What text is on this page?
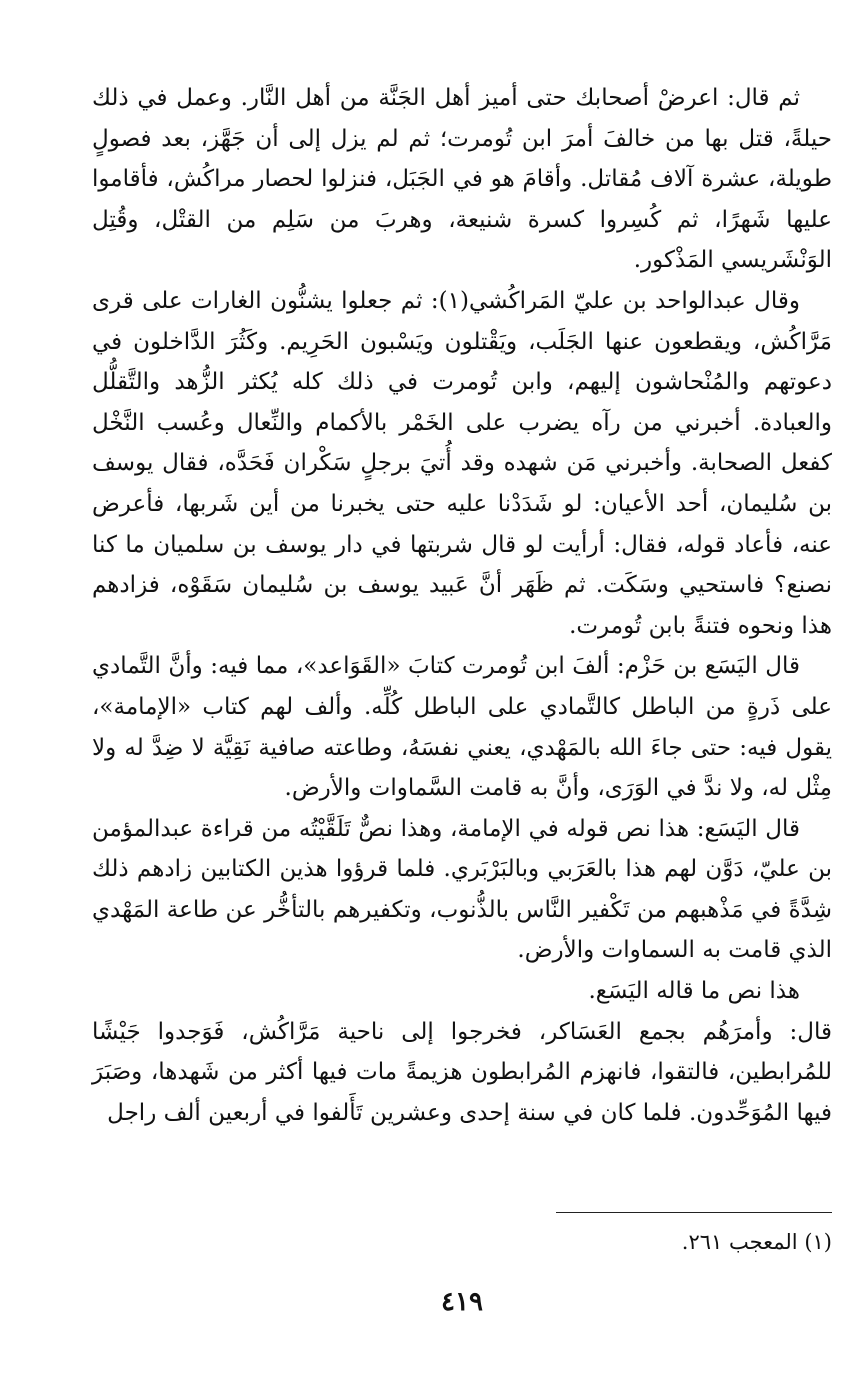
ثم قال: اعرضْ أصحابك حتى أميز أهل الجَنَّة من أهل النَّار. وعمل في ذلك حيلةً، قتل بها من خالفَ أمرَ ابن تُومرت؛ ثم لم يزل إلى أن جَهَّز، بعد فصولٍ طويلة، عشرة آلاف مُقاتل. وأقامَ هو في الجَبَل، فنزلوا لحصار مراكُش، فأقاموا عليها شَهرًا، ثم كُسِروا كسرة شنيعة، وهربَ من سَلِم من القتْل، وقُتِل الوَنْشَريسي المَذْكور.

وقال عبدالواحد بن عليّ المَراكُشي(١): ثم جعلوا يشنُّون الغارات على قرى مَرَّاكُش، ويقطعون عنها الجَلَب، ويَقْتلون ويَسْبون الحَرِيم. وكَثُرَ الدَّاخلون في دعوتهم والمُنْحاشون إليهم، وابن تُومرت في ذلك كله يُكثر الزُّهد والتَّقلُّل والعبادة. أخبرني من رآه يضرب على الخَمْر بالأكمام والنِّعال وعُسب النَّخْل كفعل الصحابة. وأخبرني مَن شهده وقد أُتيَ برجلٍ سَكْران فَحَدَّه، فقال يوسف بن سُليمان، أحد الأعيان: لو شَدَدْنا عليه حتى يخبرنا من أين شَربها، فأعرض عنه، فأعاد قوله، فقال: أرأيت لو قال شربتها في دار يوسف بن سلميان ما كنا نصنع؟ فاستحيي وسَكَت. ثم ظَهَر أنَّ عَبيد يوسف بن سُليمان سَقَوْه، فزادهم هذا ونحوه فتنةً بابن تُومرت.

قال اليَسَع بن حَزْم: ألفَ ابن تُومرت كتابَ «القَوَاعد»، مما فيه: وأنَّ التَّمادي على ذَرةٍ من الباطل كالتَّمادي على الباطل كُلِّه. وألف لهم كتاب «الإمامة»، يقول فيه: حتى جاءَ الله بالمَهْدي، يعني نفسَهُ، وطاعته صافية نَقِيَّة لا ضِدَّ له ولا مِثْل له، ولا ندَّ في الوَرَى، وأنَّ به قامت السَّماوات والأرض.

قال اليَسَع: هذا نص قوله في الإمامة، وهذا نصٌّ تَلَقَّيْتُه من قراءة عبدالمؤمن بن عليّ، دَوَّن لهم هذا بالعَرَبي وبالبَرْبَري. فلما قرؤوا هذين الكتابين زادهم ذلك شِدَّةً في مَذْهبهم من تَكْفير النَّاس بالذُّنوب، وتكفيرهم بالتأخُّر عن طاعة المَهْدي الذي قامت به السماوات والأرض.

هذا نص ما قاله اليَسَع.

قال: وأمرَهُم بجمع العَسَاكر، فخرجوا إلى ناحية مَرَّاكُش، فَوَجدوا جَيْشًا للمُرابطين، فالتقوا، فانهزم المُرابطون هزيمةً مات فيها أكثر من شَهدها، وصَبَرَ فيها المُوَحِّدون. فلما كان في سنة إحدى وعشرين تَأَلفوا في أربعين ألف راجل

(١) المعجب ٢٦١.
٤١٩
